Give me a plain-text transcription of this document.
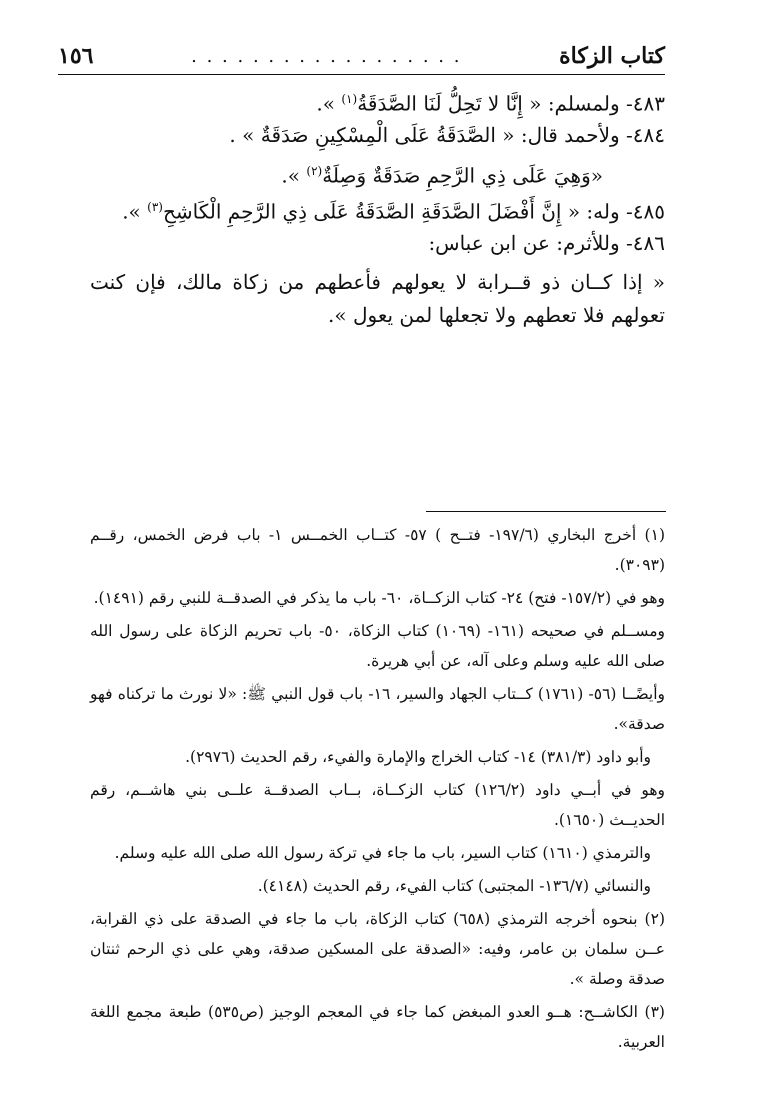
كتاب الزكاة
. . . . . . . . . . . . . . . . . .
١٥٦
٤٨٣- ولمسلم: « إِنَّا لا تَحِلُّ لَنَا الصَّدَقَةُ$^{(١)}$ ».
٤٨٤- ولأحمد قال: « الصَّدَقَةُ عَلَى الْمِسْكِينِ صَدَقَةٌ » .
«وَهِيَ عَلَى ذِي الرَّحِمِ صَدَقَةٌ وَصِلَةٌ$^{(٢)}$ ».
٤٨٥- وله: « إِنَّ أَفْضَلَ الصَّدَقَةِ الصَّدَقَةُ عَلَى ذِي الرَّحِمِ الْكَاشِحِ$^{(٣)}$ ».
٤٨٦- وللأثرم: عن ابن عباس:
« إذا كــان ذو قــرابة لا يعولهم فأعطهم من زكاة مالك، فإن كنت تعولهم فلا تعطهم ولا تجعلها لمن يعول ».
(١) أخرج البخاري (١٩٧/٦- فتــح ) ٥٧- كتــاب الخمــس ١- باب فرض الخمس، رقــم (٣٠٩٣).
وهو في (١٥٧/٢- فتح) ٢٤- كتاب الزكــاة، ٦٠- باب ما يذكر في الصدقــة للنبي رقم (١٤٩١).
ومســلم في صحيحه (١٦١- (١٠٦٩) كتاب الزكاة، ٥٠- باب تحريم الزكاة على رسول الله صلى الله عليه وسلم وعلى آله، عن أبي هريرة.
وأيضًــا (٥٦- (١٧٦١) كــتاب الجهاد والسير، ١٦- باب قول النبي ﷺ: «لا نورث ما تركناه فهو صدقة».
وأبو داود (٣٨١/٣) ١٤- كتاب الخراج والإمارة والفيء، رقم الحديث (٢٩٧٦).
وهو في أبــي داود (١٢٦/٢) كتاب الزكــاة، بــاب الصدقــة علــى بني هاشــم، رقم الحديــث (١٦٥٠).
والترمذي (١٦١٠) كتاب السير، باب ما جاء في تركة رسول الله صلى الله عليه وسلم.
والنسائي (١٣٦/٧- المجتبى) كتاب الفيء، رقم الحديث (٤١٤٨).
(٢) بنحوه أخرجه الترمذي (٦٥٨) كتاب الزكاة، باب ما جاء في الصدقة على ذي القرابة، عــن سلمان بن عامر، وفيه: «الصدقة على المسكين صدقة، وهي على ذي الرحم ثنتان صدقة وصلة ».
(٣) الكاشــح: هــو العدو المبغض كما جاء في المعجم الوجيز (ص٥٣٥) طبعة مجمع اللغة العربية.
